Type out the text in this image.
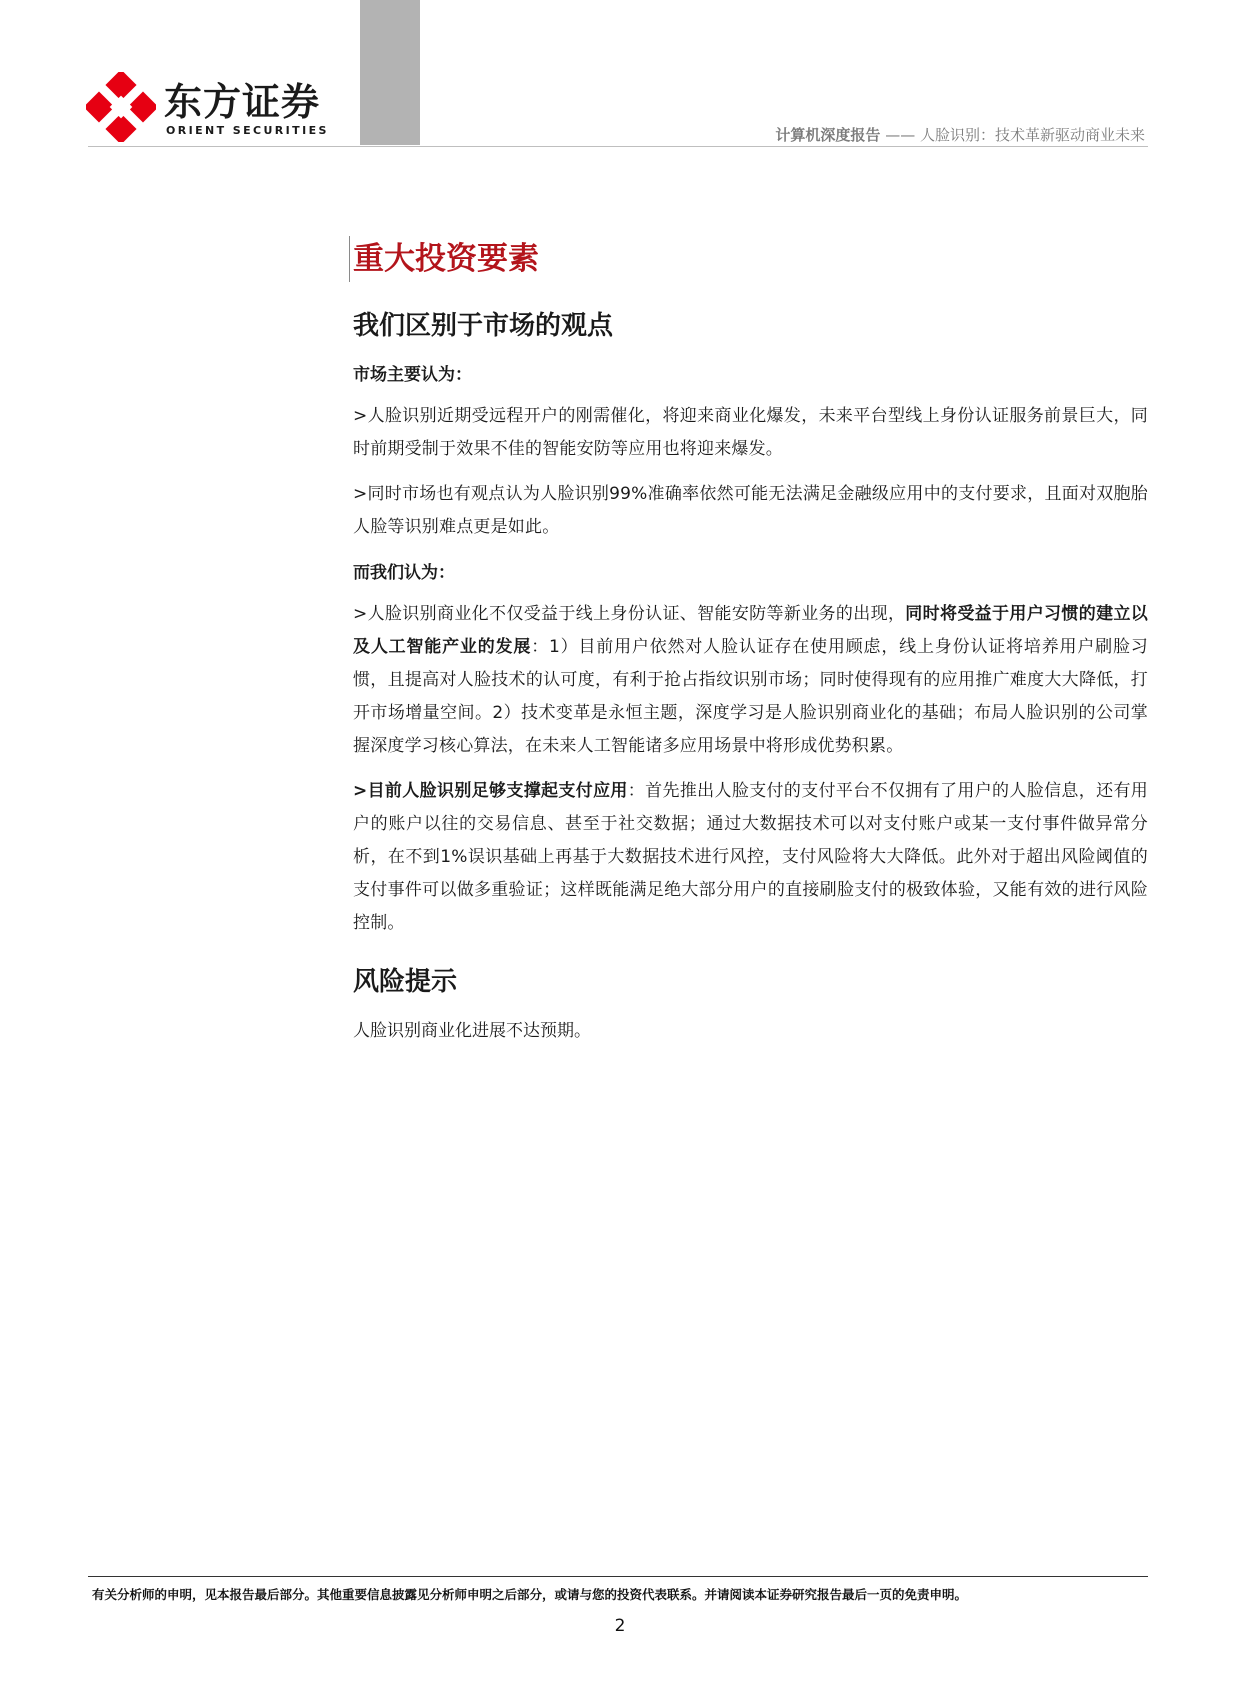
东方证券
ORIENT SECURITIES	计算机深度报告 —— 人脸识别：技术革新驱动商业未来
重大投资要素
我们区别于市场的观点
市场主要认为：

>人脸识别近期受远程开户的刚需催化，将迎来商业化爆发，未来平台型线上身份认证服务前景巨大，同时前期受制于效果不佳的智能安防等应用也将迎来爆发。

>同时市场也有观点认为人脸识别99%准确率依然可能无法满足金融级应用中的支付要求，且面对双胞胎人脸等识别难点更是如此。

而我们认为：

>人脸识别商业化不仅受益于线上身份认证、智能安防等新业务的出现，同时将受益于用户习惯的建立以及人工智能产业的发展：1）目前用户依然对人脸认证存在使用顾虑，线上身份认证将培养用户刷脸习惯，且提高对人脸技术的认可度，有利于抢占指纹识别市场；同时使得现有的应用推广难度大大降低，打开市场增量空间。2）技术变革是永恒主题，深度学习是人脸识别商业化的基础；布局人脸识别的公司掌握深度学习核心算法，在未来人工智能诸多应用场景中将形成优势积累。

>目前人脸识别足够支撑起支付应用：首先推出人脸支付的支付平台不仅拥有了用户的人脸信息，还有用户的账户以往的交易信息、甚至于社交数据；通过大数据技术可以对支付账户或某一支付事件做异常分析，在不到1%误识基础上再基于大数据技术进行风控，支付风险将大大降低。此外对于超出风险阈值的支付事件可以做多重验证；这样既能满足绝大部分用户的直接刷脸支付的极致体验，又能有效的进行风险控制。

风险提示
人脸识别商业化进展不达预期。
有关分析师的申明，见本报告最后部分。其他重要信息披露见分析师申明之后部分，或请与您的投资代表联系。并请阅读本证券研究报告最后一页的免责申明。
2
